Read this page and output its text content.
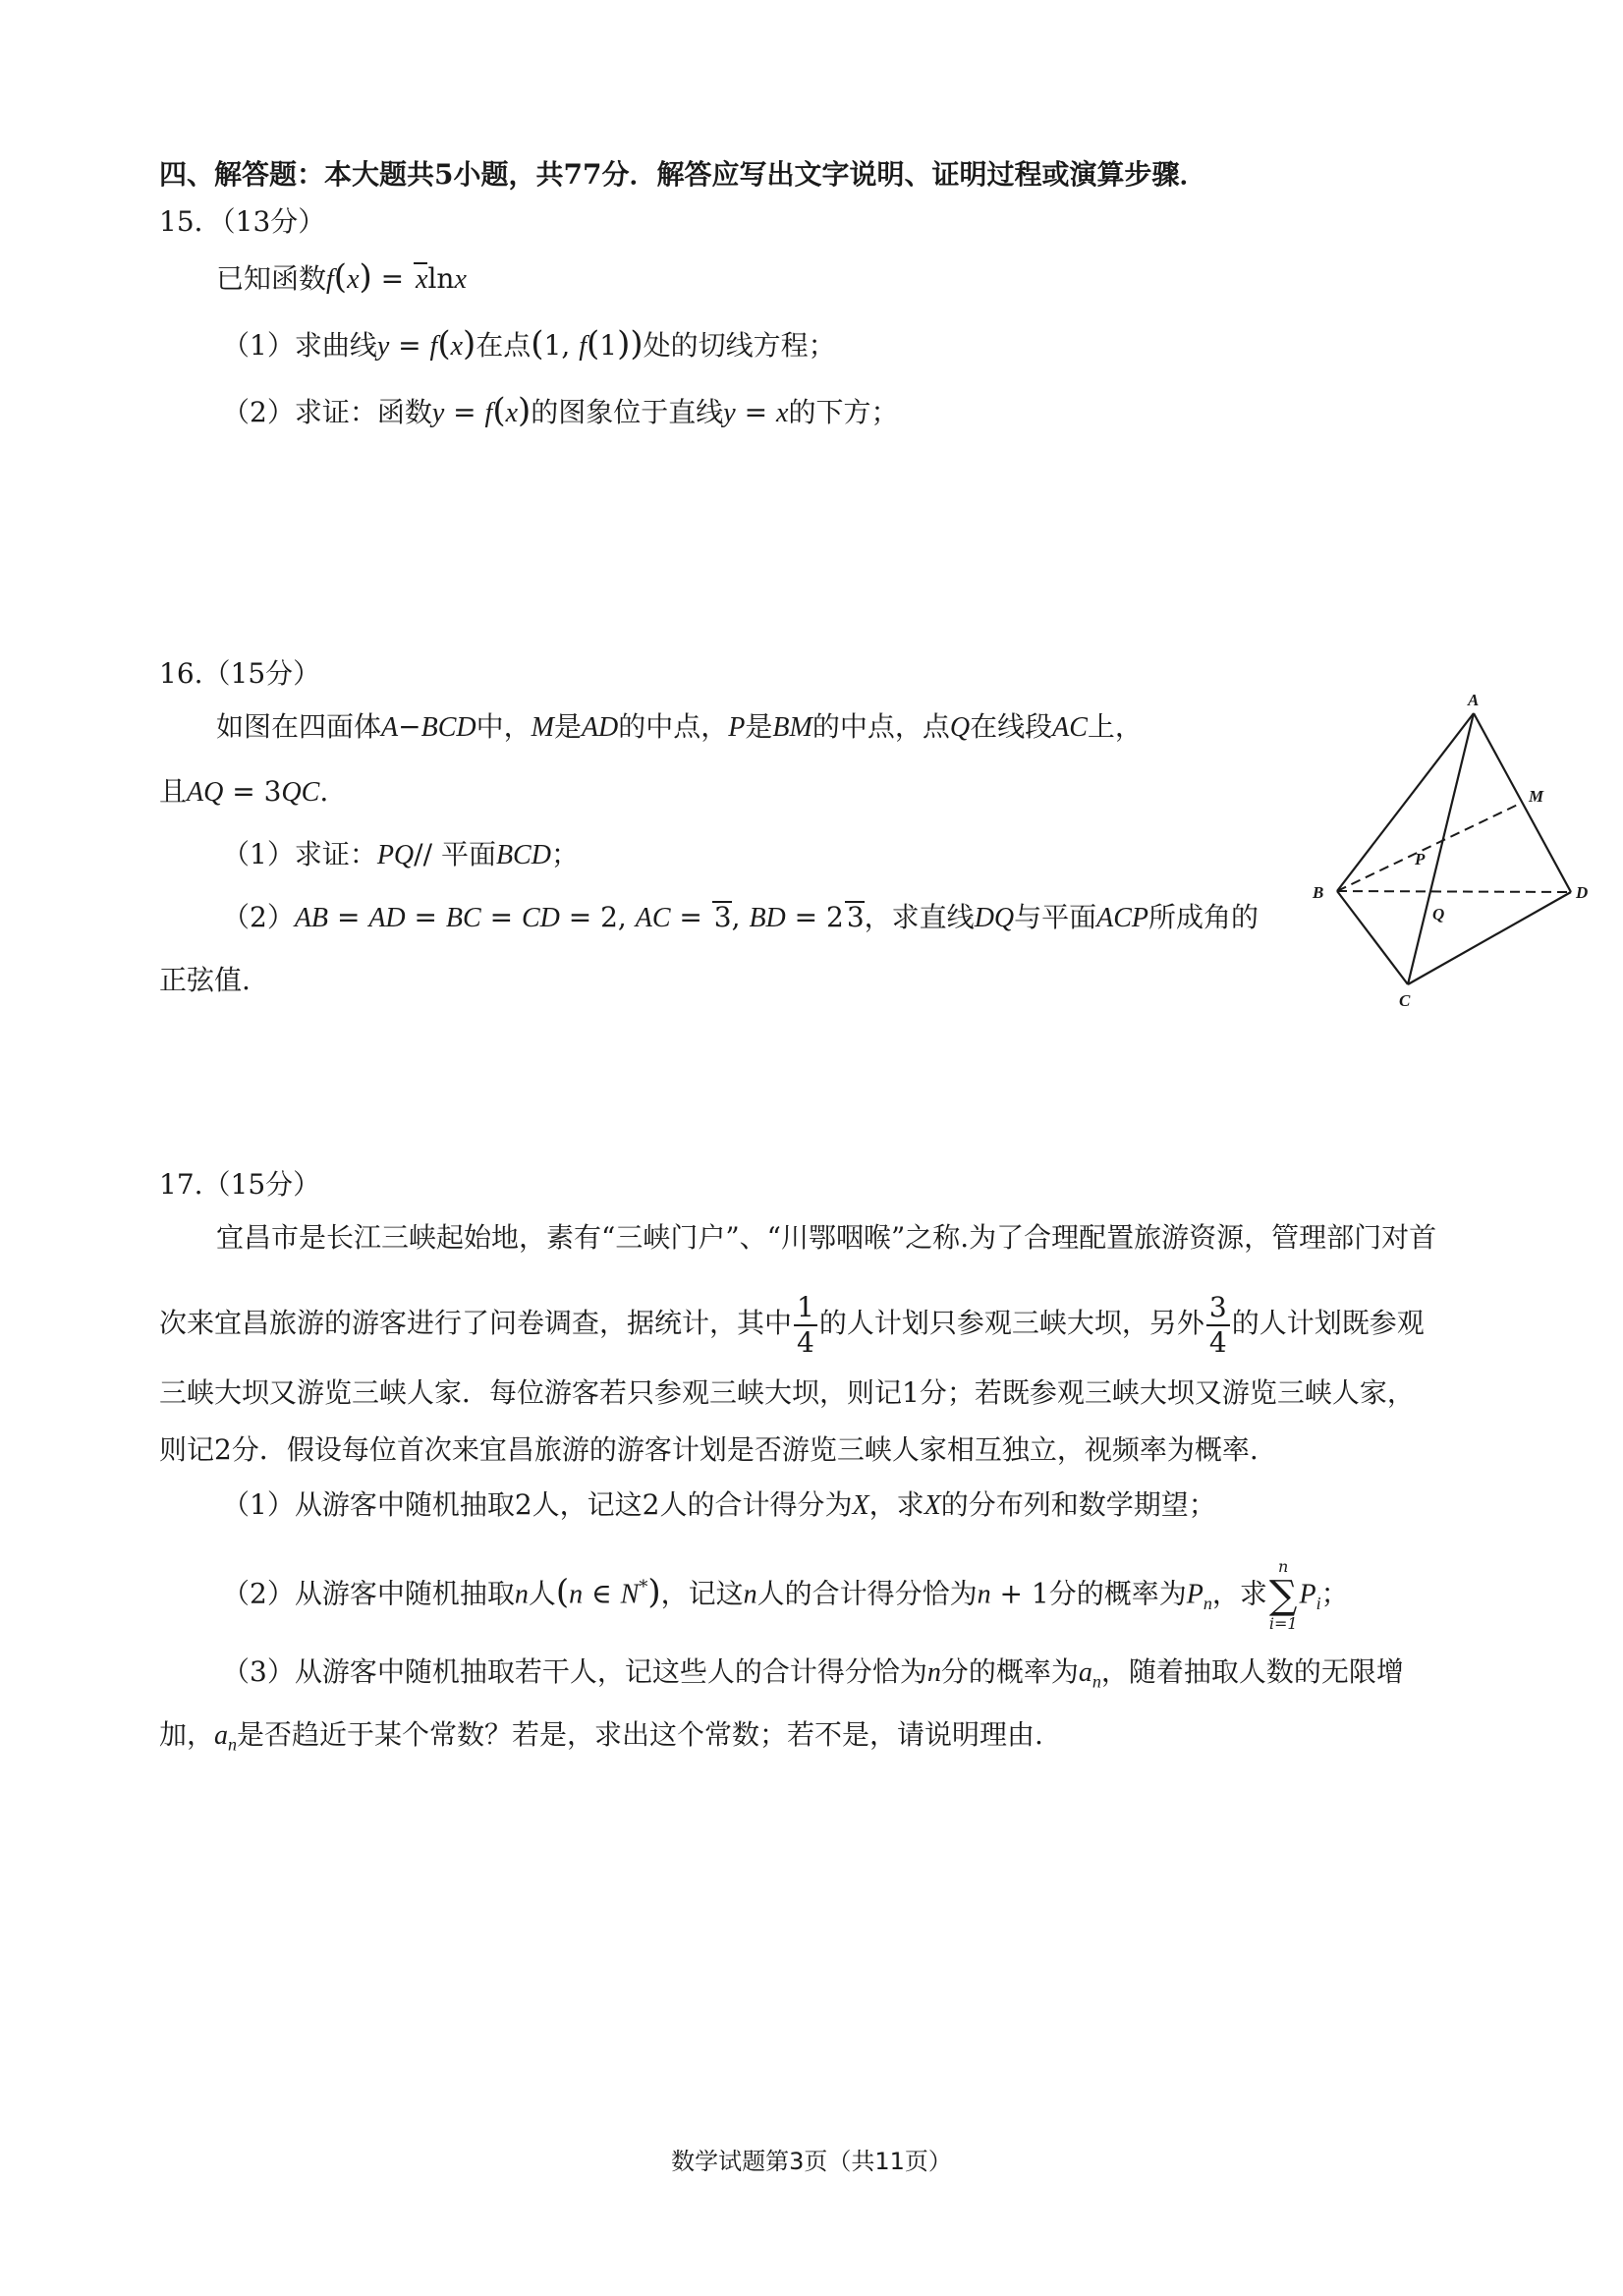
四、解答题：本大题共5小题，共77分．解答应写出文字说明、证明过程或演算步骤．
15．（13分）
已知函数f(x) = xlnx
（1）求曲线y = f(x)在点(1, f(1))处的切线方程；
（2）求证：函数y = f(x)的图象位于直线y = x的下方；
16.（15分）
如图在四面体A−BCD中，M是AD的中点，P是BM的中点，点Q在线段AC上，
且AQ = 3QC.
（1）求证：PQ// 平面BCD；
（2）AB = AD = BC = CD = 2, AC = 3, BD = 2 3，求直线DQ与平面ACP所成角的
正弦值.
A
B
C
D
M
P
Q
17.（15分）
宜昌市是长江三峡起始地，素有“三峡门户”、“川鄂咽喉”之称.为了合理配置旅游资源，管理部门对首
次来宜昌旅游的游客进行了问卷调查，据统计，其中 $\frac{1}{4}$ 的人计划只参观三峡大坝，另外 $\frac{3}{4}$ 的人计划既参观
三峡大坝又游览三峡人家．每位游客若只参观三峡大坝，则记1分；若既参观三峡大坝又游览三峡人家，
则记2分．假设每位首次来宜昌旅游的游客计划是否游览三峡人家相互独立，视频率为概率.
（1）从游客中随机抽取2人，记这2人的合计得分为X，求X的分布列和数学期望；
（2）从游客中随机抽取n人(n ∈ N*)，记这n人的合计得分恰为n + 1分的概率为$P_n$，求
n
∑
i=1
$P_i$；
（3）从游客中随机抽取若干人，记这些人的合计得分恰为n分的概率为$a_n$，随着抽取人数的无限增
加，$a_n$是否趋近于某个常数？若是，求出这个常数；若不是，请说明理由.
数学试题第3页（共11页）
